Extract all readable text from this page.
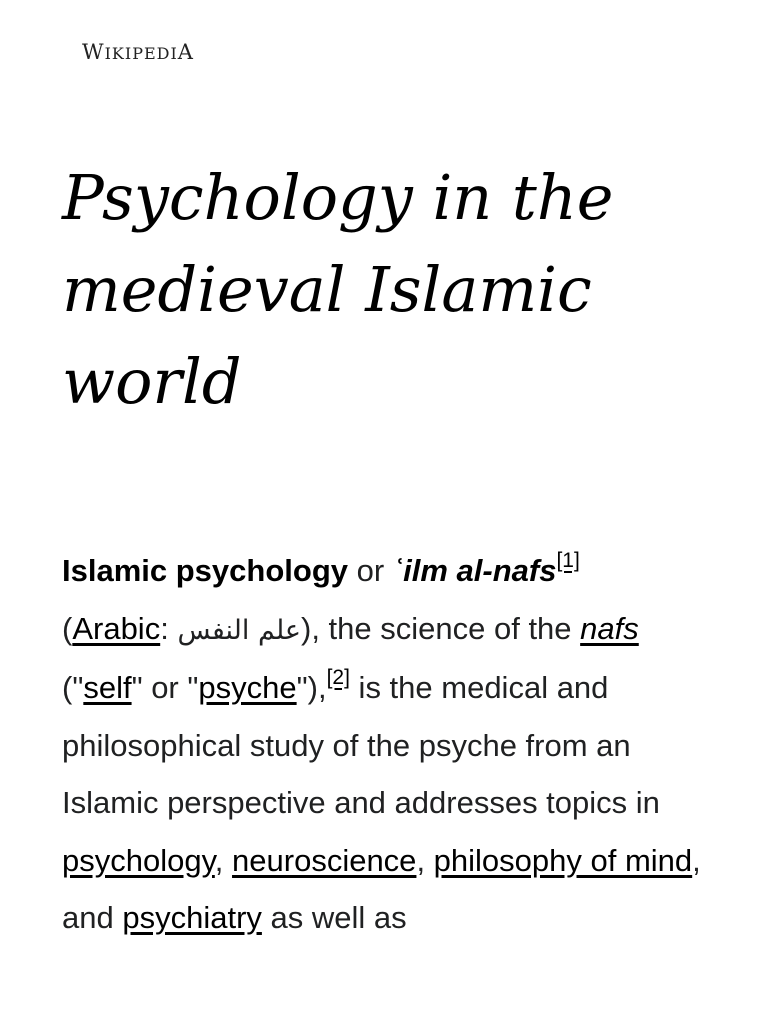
WIKIPEDIA
Psychology in the
medieval Islamic
world

Islamic psychology or ʿilm al-nafs[1]
(Arabic: علم النفس), the science of the nafs ("self" or "psyche"),[2] is the medical and philosophical study of the psyche from an Islamic perspective and addresses topics in psychology, neuroscience, philosophy of mind, and psychiatry as well as
